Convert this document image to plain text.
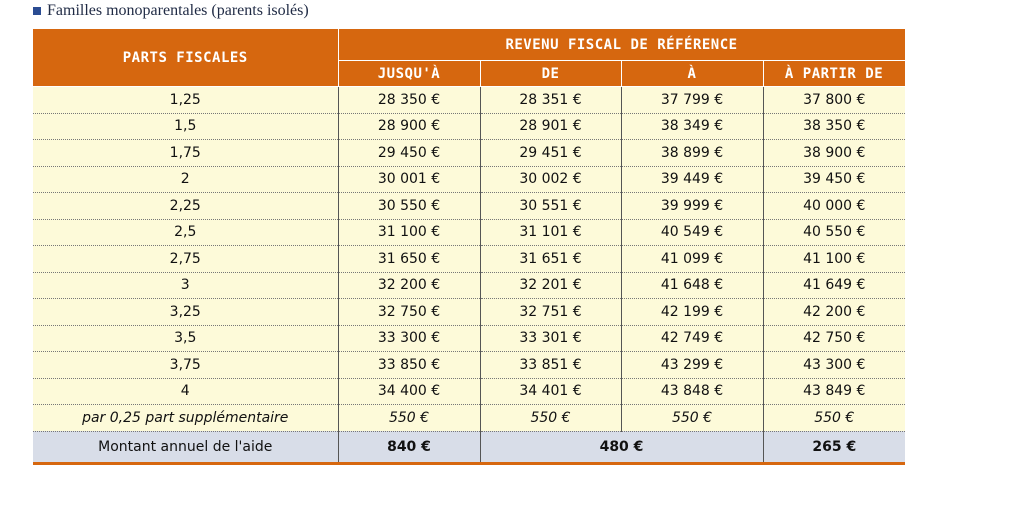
Familles monoparentales (parents isolés)
PARTS FISCALES	REVENU FISCAL DE RÉFÉRENCE			
	JUSQU'À	DE	À	À PARTIR DE
1,25	28 350 €	28 351 €	37 799 €	37 800 €
1,5	28 900 €	28 901 €	38 349 €	38 350 €
1,75	29 450 €	29 451 €	38 899 €	38 900 €
2	30 001 €	30 002 €	39 449 €	39 450 €
2,25	30 550 €	30 551 €	39 999 €	40 000 €
2,5	31 100 €	31 101 €	40 549 €	40 550 €
2,75	31 650 €	31 651 €	41 099 €	41 100 €
3	32 200 €	32 201 €	41 648 €	41 649 €
3,25	32 750 €	32 751 €	42 199 €	42 200 €
3,5	33 300 €	33 301 €	42 749 €	42 750 €
3,75	33 850 €	33 851 €	43 299 €	43 300 €
4	34 400 €	34 401 €	43 848 €	43 849 €
par 0,25 part supplémentaire	550 €	550 €	550 €	550 €
Montant annuel de l'aide	840 €	480 €		265 €
